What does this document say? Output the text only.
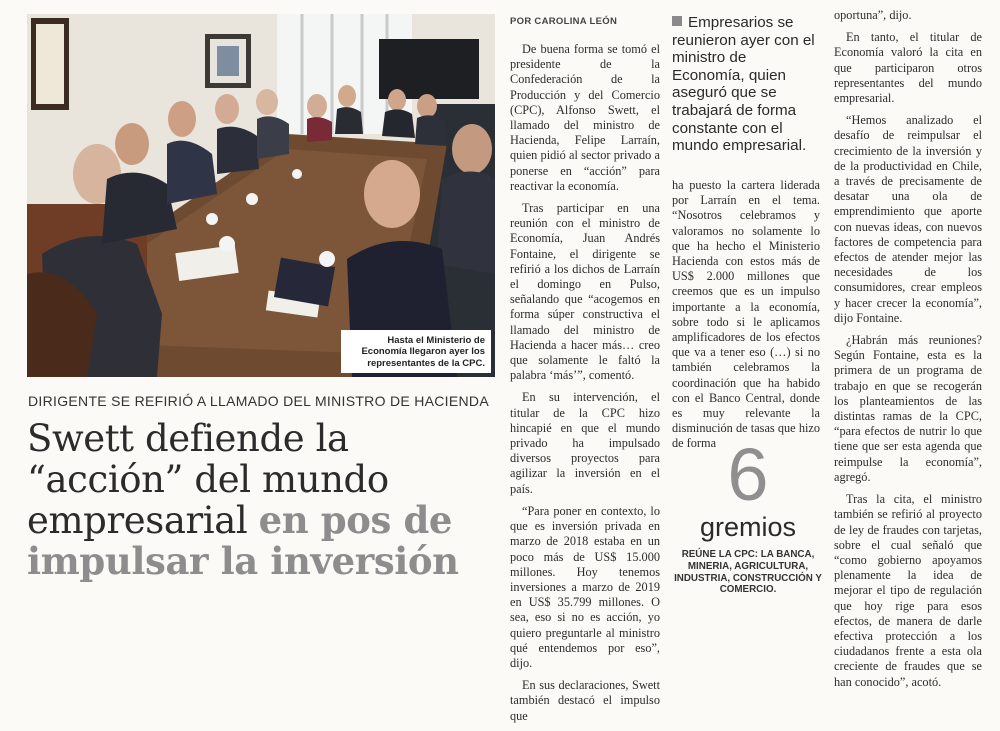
Hasta el Ministerio de Economía llegaron ayer los representantes de la CPC.
DIRIGENTE SE REFIRIÓ A LLAMADO DEL MINISTRO DE HACIENDA
Swett defiende la “acción” del mundo empresarial en pos de impulsar la inversión
POR CAROLINA LEÓN

De buena forma se tomó el presidente de la Confederación de la Producción y del Comercio (CPC), Alfonso Swett, el llamado del ministro de Hacienda, Felipe Larraín, quien pidió al sector privado a ponerse en “acción” para reactivar la economía.

Tras participar en una reunión con el ministro de Economía, Juan Andrés Fontaine, el dirigente se refirió a los dichos de Larraín el domingo en Pulso, señalando que “acogemos en forma súper constructiva el llamado del ministro de Hacienda a hacer más… creo que solamente le faltó la palabra ‘más’”, comentó.

En su intervención, el titular de la CPC hizo hincapié en que el mundo privado ha impulsado diversos proyectos para agilizar la inversión en el país.

“Para poner en contexto, lo que es inversión privada en marzo de 2018 estaba en un poco más de US$ 15.000 millones. Hoy tenemos inversiones a marzo de 2019 en US$ 35.799 millones. O sea, eso si no es acción, yo quiero preguntarle al ministro qué entendemos por eso”, dijo.

En sus declaraciones, Swett también destacó el impulso que

Empresarios se reunieron ayer con el ministro de Economía, quien aseguró que se trabajará de forma constante con el mundo empresarial.

ha puesto la cartera liderada por Larraín en el tema. “Nosotros celebramos y valoramos no solamente lo que ha hecho el Ministerio Hacienda con estos más de US$ 2.000 millones que creemos que es un impulso importante a la economía, sobre todo si le aplicamos amplificadores de los efectos que va a tener eso (…) si no también celebramos la coordinación que ha habido con el Banco Central, donde es muy relevante la disminución de tasas que hizo de forma 6
gremios
REÚNE LA CPC: LA BANCA, MINERIA, AGRICULTURA, INDUSTRIA, CONSTRUCCIÓN Y COMERCIO.

oportuna”, dijo.

En tanto, el titular de Economía valoró la cita en que participaron otros representantes del mundo empresarial.

“Hemos analizado el desafío de reimpulsar el crecimiento de la inversión y de la productividad en Chile, a través de precisamente de desatar una ola de emprendimiento que aporte con nuevas ideas, con nuevos factores de competencia para efectos de atender mejor las necesidades de los consumidores, crear empleos y hacer crecer la economía”, dijo Fontaine.

¿Habrán más reuniones? Según Fontaine, esta es la primera de un programa de trabajo en que se recogerán los planteamientos de las distintas ramas de la CPC, “para efectos de nutrir lo que tiene que ser esta agenda que reimpulse la economía”, agregó.

Tras la cita, el ministro también se refirió al proyecto de ley de fraudes con tarjetas, sobre el cual señaló que “como gobierno apoyamos plenamente la idea de mejorar el tipo de regulación que hoy rige para esos efectos, de manera de darle efectiva protección a los ciudadanos frente a esta ola creciente de fraudes que se han conocido”, acotó.
